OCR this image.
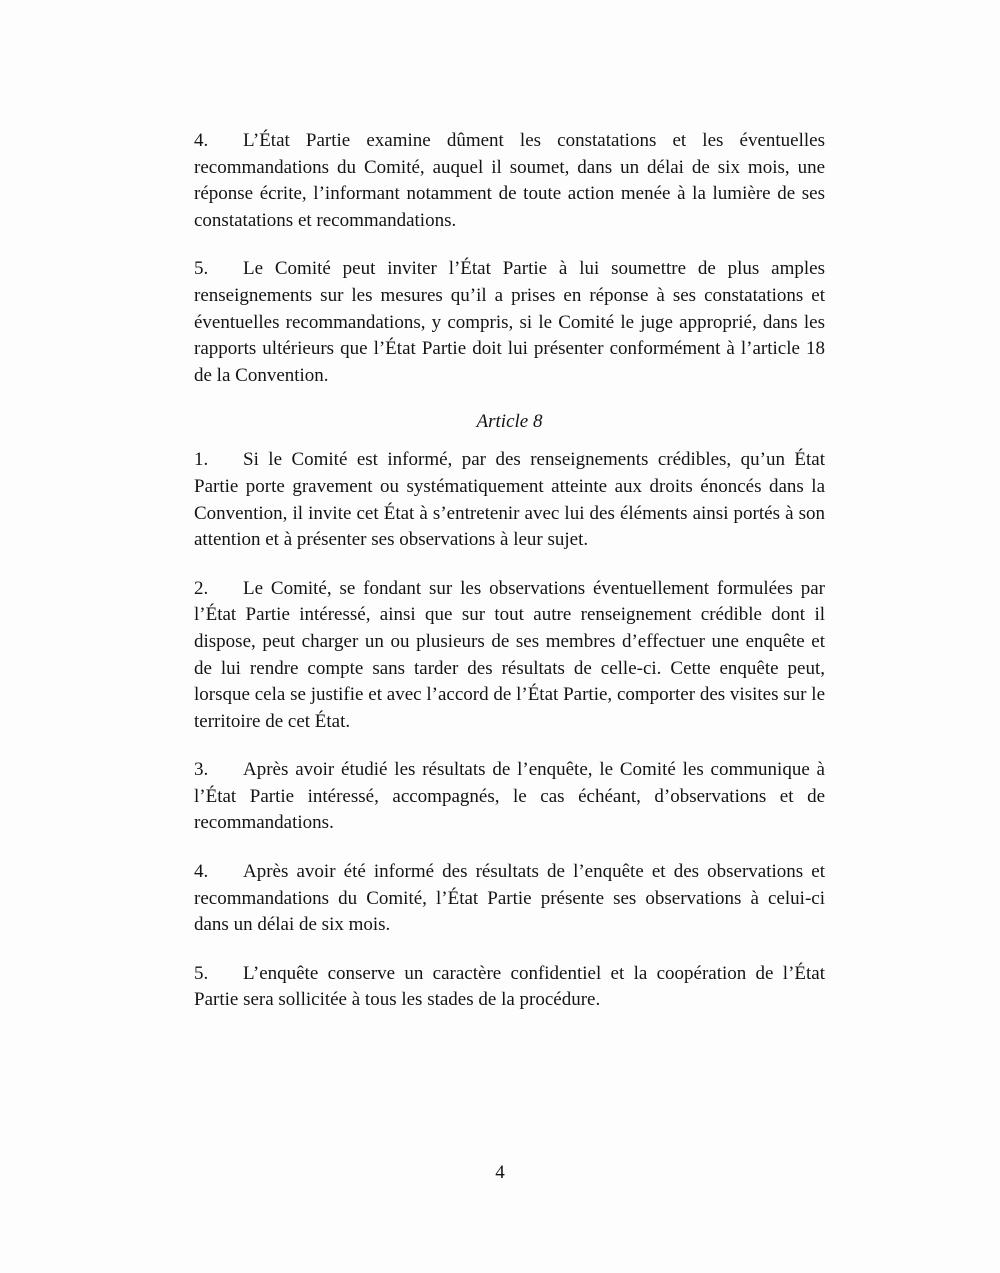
4. L’État Partie examine dûment les constatations et les éventuelles recommandations du Comité, auquel il soumet, dans un délai de six mois, une réponse écrite, l’informant notamment de toute action menée à la lumière de ses constatations et recommandations.

5. Le Comité peut inviter l’État Partie à lui soumettre de plus amples renseignements sur les mesures qu’il a prises en réponse à ses constatations et éventuelles recommandations, y compris, si le Comité le juge approprié, dans les rapports ultérieurs que l’État Partie doit lui présenter conformément à l’article 18 de la Convention.

Article 8

1. Si le Comité est informé, par des renseignements crédibles, qu’un État Partie porte gravement ou systématiquement atteinte aux droits énoncés dans la Convention, il invite cet État à s’entretenir avec lui des éléments ainsi portés à son attention et à présenter ses observations à leur sujet.

2. Le Comité, se fondant sur les observations éventuellement formulées par l’État Partie intéressé, ainsi que sur tout autre renseignement crédible dont il dispose, peut charger un ou plusieurs de ses membres d’effectuer une enquête et de lui rendre compte sans tarder des résultats de celle-ci. Cette enquête peut, lorsque cela se justifie et avec l’accord de l’État Partie, comporter des visites sur le territoire de cet État.

3. Après avoir étudié les résultats de l’enquête, le Comité les communique à l’État Partie intéressé, accompagnés, le cas échéant, d’observations et de recommandations.

4. Après avoir été informé des résultats de l’enquête et des observations et recommandations du Comité, l’État Partie présente ses observations à celui-ci dans un délai de six mois.

5. L’enquête conserve un caractère confidentiel et la coopération de l’État Partie sera sollicitée à tous les stades de la procédure.

4
